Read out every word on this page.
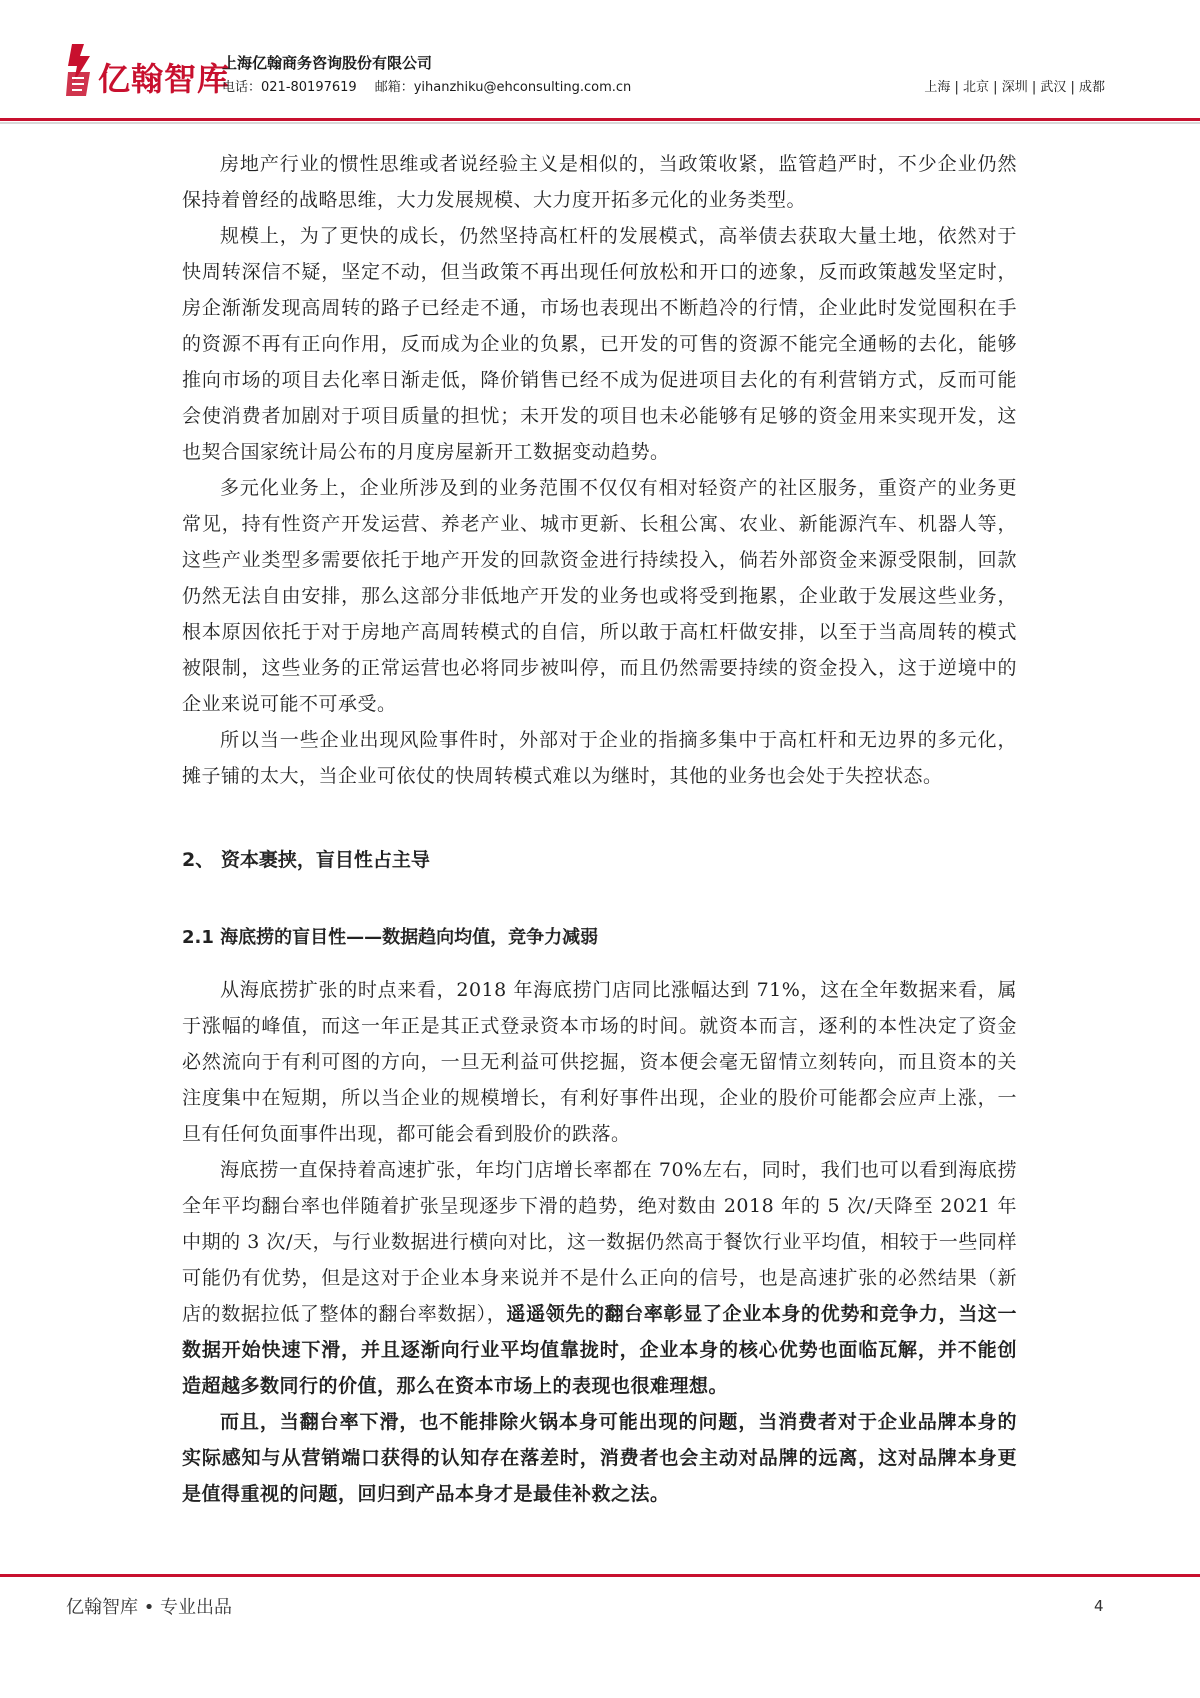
亿翰智库
上海亿翰商务咨询股份有限公司
电话：021-80197619 邮箱：yihanzhiku@ehconsulting.com.cn	上海 | 北京 | 深圳 | 武汉 | 成都

房地产行业的惯性思维或者说经验主义是相似的，当政策收紧，监管趋严时，不少企业仍然保持着曾经的战略思维，大力发展规模、大力度开拓多元化的业务类型。

规模上，为了更快的成长，仍然坚持高杠杆的发展模式，高举债去获取大量土地，依然对于快周转深信不疑，坚定不动，但当政策不再出现任何放松和开口的迹象，反而政策越发坚定时，房企渐渐发现高周转的路子已经走不通，市场也表现出不断趋冷的行情，企业此时发觉囤积在手的资源不再有正向作用，反而成为企业的负累，已开发的可售的资源不能完全通畅的去化，能够推向市场的项目去化率日渐走低，降价销售已经不成为促进项目去化的有利营销方式，反而可能会使消费者加剧对于项目质量的担忧；未开发的项目也未必能够有足够的资金用来实现开发，这也契合国家统计局公布的月度房屋新开工数据变动趋势。

多元化业务上，企业所涉及到的业务范围不仅仅有相对轻资产的社区服务，重资产的业务更常见，持有性资产开发运营、养老产业、城市更新、长租公寓、农业、新能源汽车、机器人等，这些产业类型多需要依托于地产开发的回款资金进行持续投入，倘若外部资金来源受限制，回款仍然无法自由安排，那么这部分非低地产开发的业务也或将受到拖累，企业敢于发展这些业务，根本原因依托于对于房地产高周转模式的自信，所以敢于高杠杆做安排，以至于当高周转的模式被限制，这些业务的正常运营也必将同步被叫停，而且仍然需要持续的资金投入，这于逆境中的企业来说可能不可承受。

所以当一些企业出现风险事件时，外部对于企业的指摘多集中于高杠杆和无边界的多元化，摊子铺的太大，当企业可依仗的快周转模式难以为继时，其他的业务也会处于失控状态。

2、 资本裹挟，盲目性占主导
2.1 海底捞的盲目性——数据趋向均值，竞争力减弱

从海底捞扩张的时点来看，2018 年海底捞门店同比涨幅达到 71%，这在全年数据来看，属于涨幅的峰值，而这一年正是其正式登录资本市场的时间。就资本而言，逐利的本性决定了资金必然流向于有利可图的方向，一旦无利益可供挖掘，资本便会毫无留情立刻转向，而且资本的关注度集中在短期，所以当企业的规模增长，有利好事件出现，企业的股价可能都会应声上涨，一旦有任何负面事件出现，都可能会看到股价的跌落。

海底捞一直保持着高速扩张，年均门店增长率都在 70%左右，同时，我们也可以看到海底捞全年平均翻台率也伴随着扩张呈现逐步下滑的趋势，绝对数由 2018 年的 5 次/天降至 2021 年中期的 3 次/天，与行业数据进行横向对比，这一数据仍然高于餐饮行业平均值，相较于一些同样可能仍有优势，但是这对于企业本身来说并不是什么正向的信号，也是高速扩张的必然结果（新店的数据拉低了整体的翻台率数据），遥遥领先的翻台率彰显了企业本身的优势和竞争力，当这一数据开始快速下滑，并且逐渐向行业平均值靠拢时，企业本身的核心优势也面临瓦解，并不能创造超越多数同行的价值，那么在资本市场上的表现也很难理想。

而且，当翻台率下滑，也不能排除火锅本身可能出现的问题，当消费者对于企业品牌本身的实际感知与从营销端口获得的认知存在落差时，消费者也会主动对品牌的远离，这对品牌本身更是值得重视的问题，回归到产品本身才是最佳补救之法。

亿翰智库 • 专业出品	4
